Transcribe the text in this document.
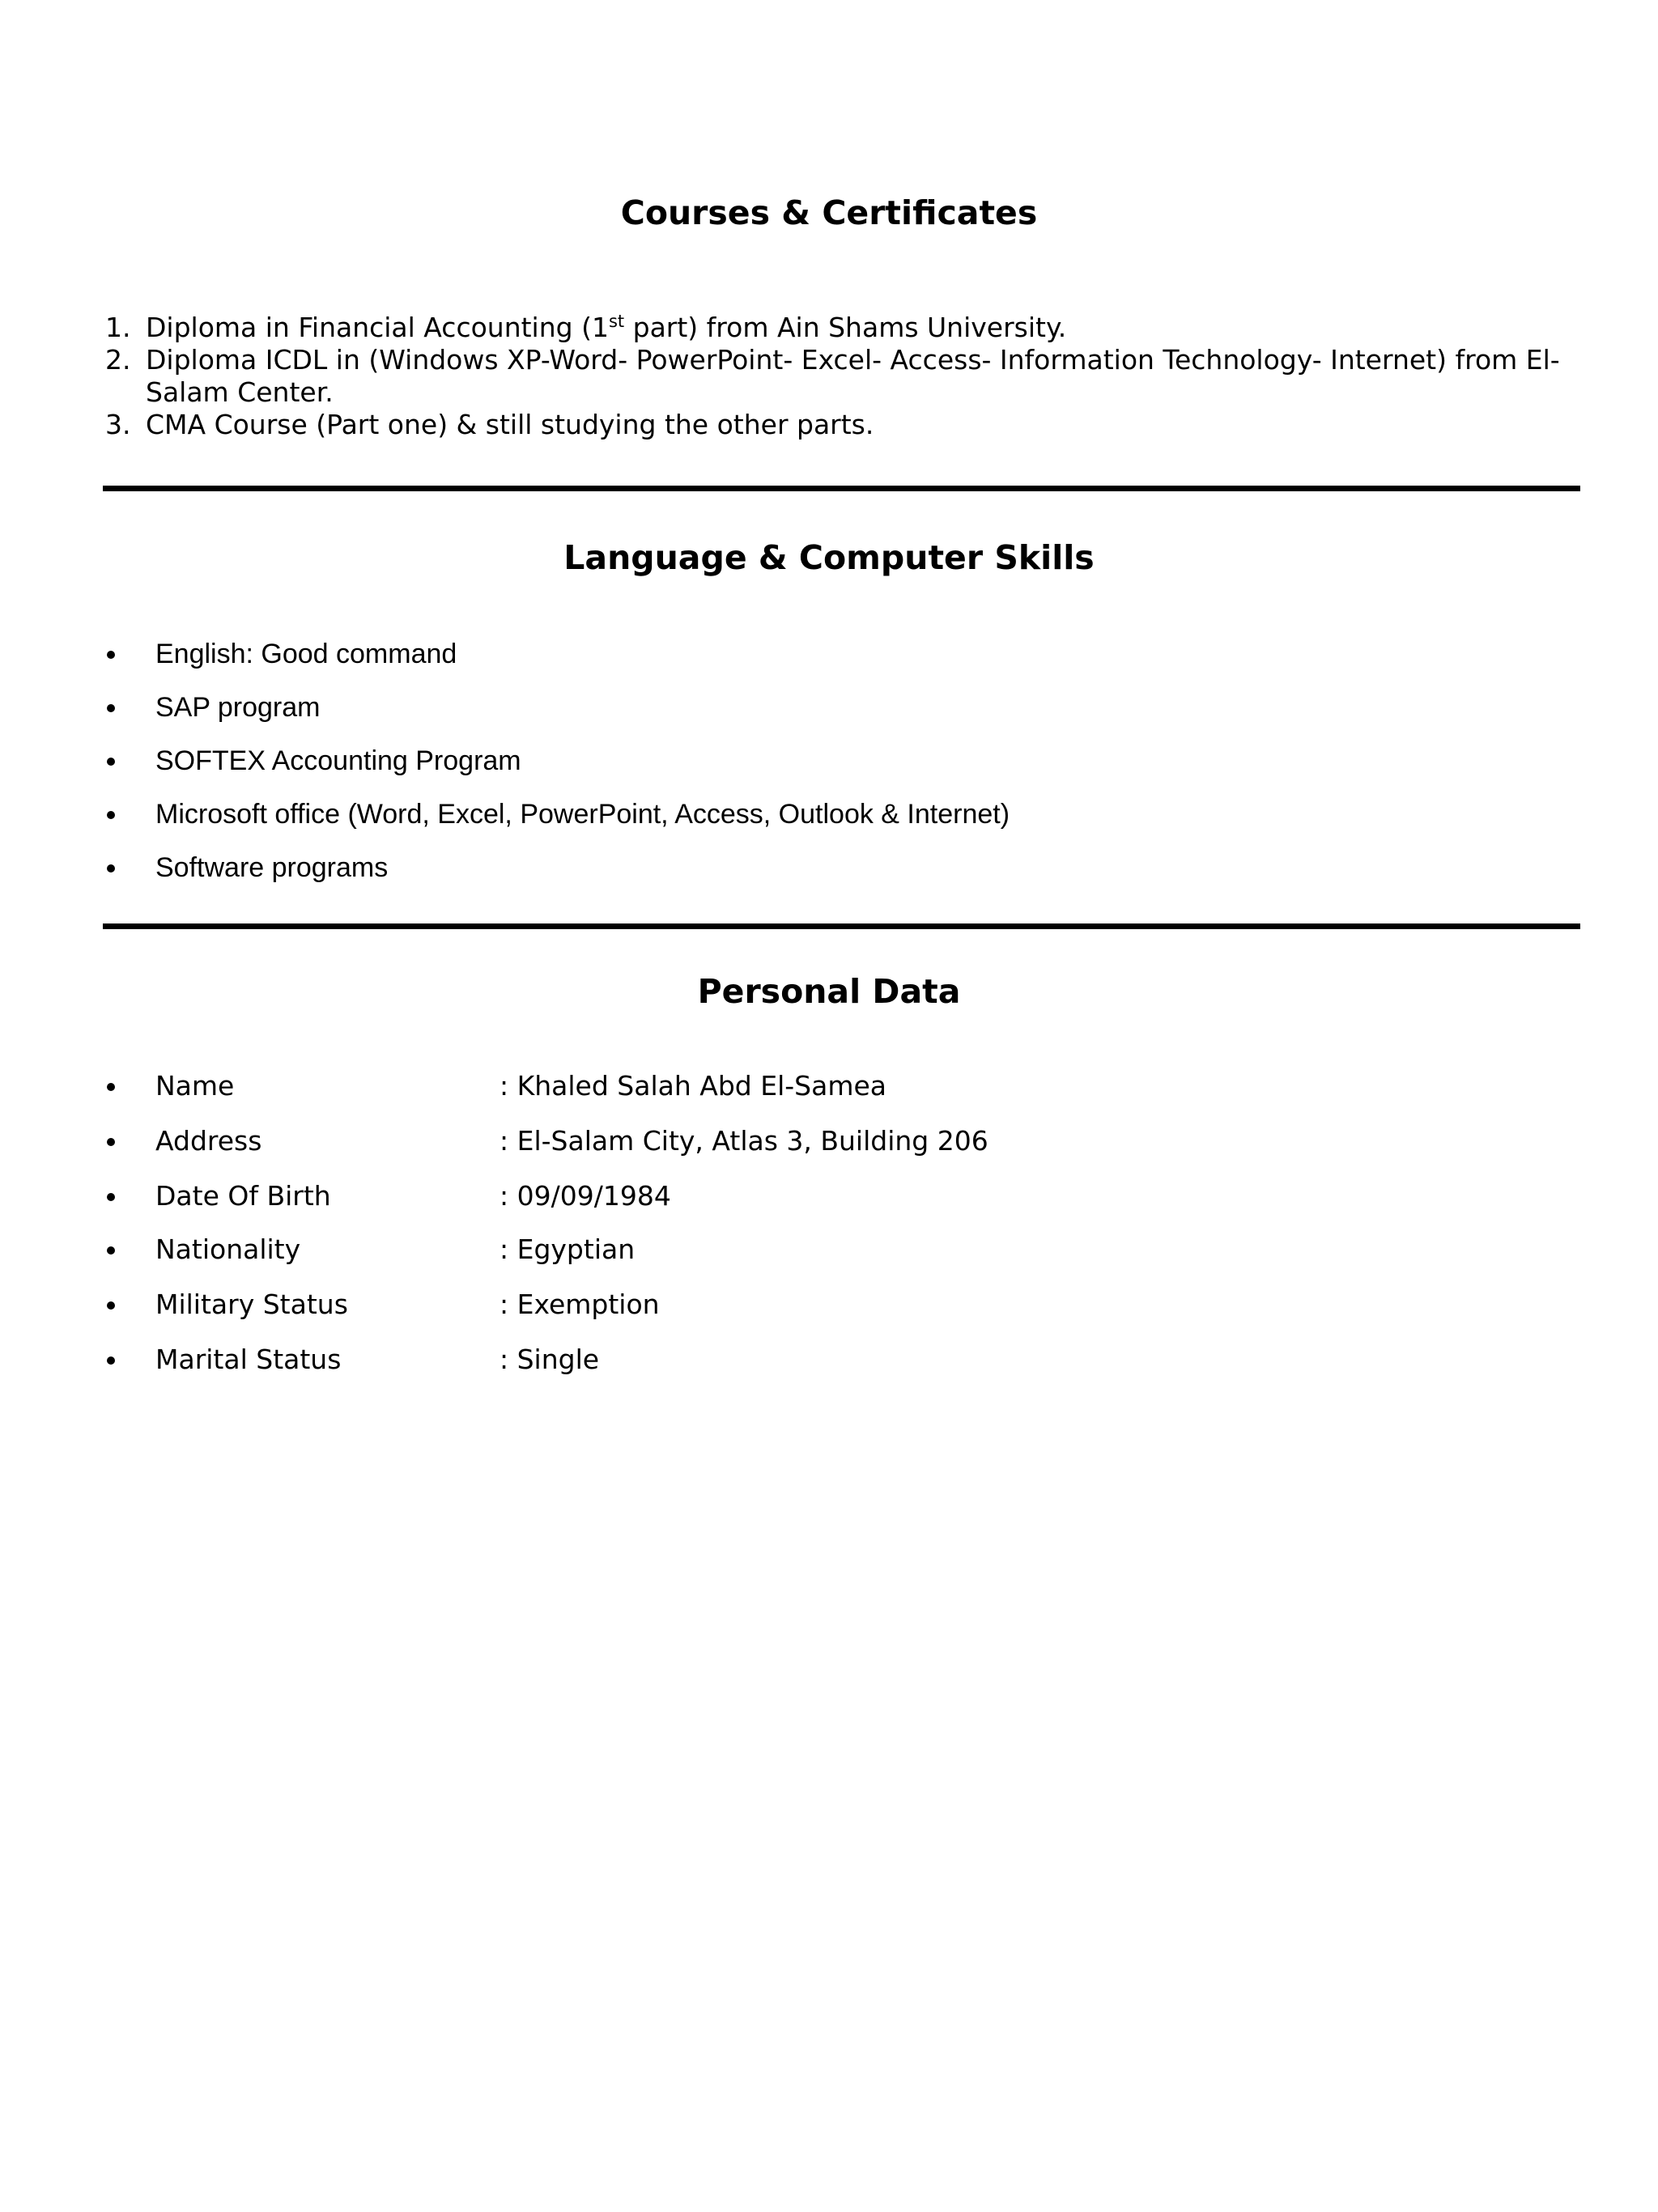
Courses & Certificates
1. Diploma in Financial Accounting (1st part) from Ain Shams University.
2. Diploma ICDL in (Windows XP-Word- PowerPoint- Excel- Access- Information Technology- Internet) from El-Salam Center.
3. CMA Course (Part one) & still studying the other parts.
Language & Computer Skills
English: Good command
SAP program
SOFTEX Accounting Program
Microsoft office (Word, Excel, PowerPoint, Access, Outlook & Internet)
Software programs
Personal Data
Name	: Khaled Salah Abd El-Samea
Address	: El-Salam City, Atlas 3, Building 206
Date Of Birth	: 09/09/1984
Nationality	: Egyptian
Military Status	: Exemption
Marital Status	: Single
